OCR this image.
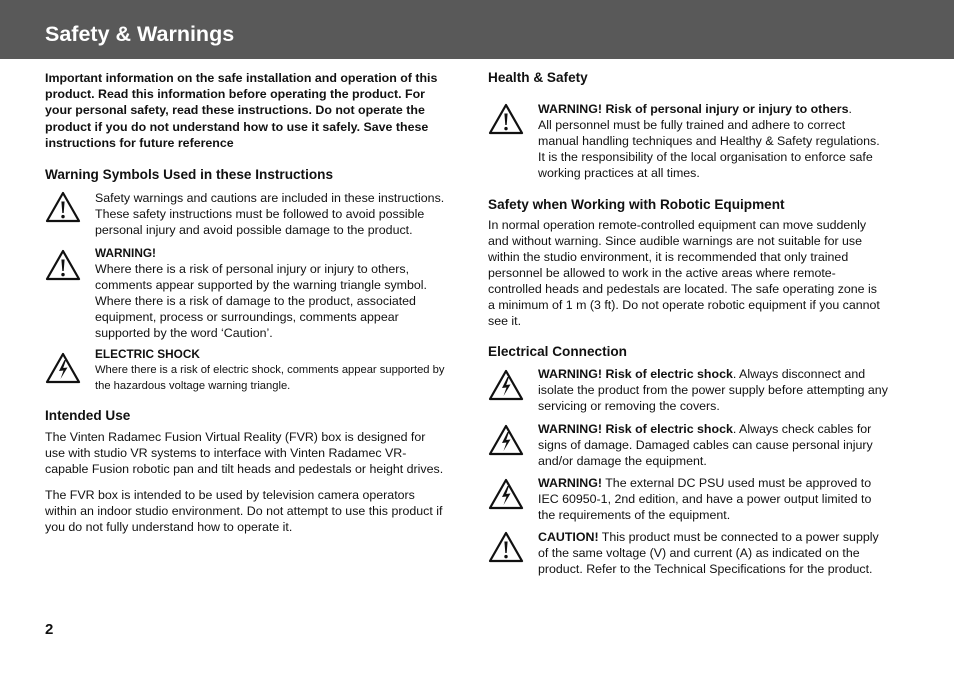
Safety & Warnings

Important information on the safe installation and operation of this product. Read this information before operating the product. For your personal safety, read these instructions. Do not operate the product if you do not understand how to use it safely. Save these instructions for future reference

Warning Symbols Used in these Instructions

Safety warnings and cautions are included in these instructions. These safety instructions must be followed to avoid possible personal injury and avoid possible damage to the product.

WARNING!

Where there is a risk of personal injury or injury to others, comments appear supported by the warning triangle symbol. Where there is a risk of damage to the product, associated equipment, process or surroundings, comments appear supported by the word ‘Caution’.

ELECTRIC SHOCK

Where there is a risk of electric shock, comments appear supported by the hazardous voltage warning triangle.

Intended Use

The Vinten Radamec Fusion Virtual Reality (FVR) box is designed for use with studio VR systems to interface with Vinten Radamec VR-capable Fusion robotic pan and tilt heads and pedestals or height drives.

The FVR box is intended to be used by television camera operators within an indoor studio environment. Do not attempt to use this product if you do not fully understand how to operate it.

Health & Safety

WARNING! Risk of personal injury or injury to others.
All personnel must be fully trained and adhere to correct manual handling techniques and Healthy & Safety regulations. It is the responsibility of the local organisation to enforce safe working practices at all times.

Safety when Working with Robotic Equipment

In normal operation remote-controlled equipment can move suddenly and without warning. Since audible warnings are not suitable for use within the studio environment, it is recommended that only trained personnel be allowed to work in the active areas where remote-controlled heads and pedestals are located. The safe operating zone is a minimum of 1 m (3 ft). Do not operate robotic equipment if you cannot see it.

Electrical Connection

WARNING! Risk of electric shock. Always disconnect and isolate the product from the power supply before attempting any servicing or removing the covers.

WARNING! Risk of electric shock. Always check cables for signs of damage. Damaged cables can cause personal injury and/or damage the equipment.

WARNING! The external DC PSU used must be approved to IEC 60950-1, 2nd edition, and have a power output limited to the requirements of the equipment.

CAUTION! This product must be connected to a power supply of the same voltage (V) and current (A) as indicated on the product. Refer to the Technical Specifications for the product.

2
